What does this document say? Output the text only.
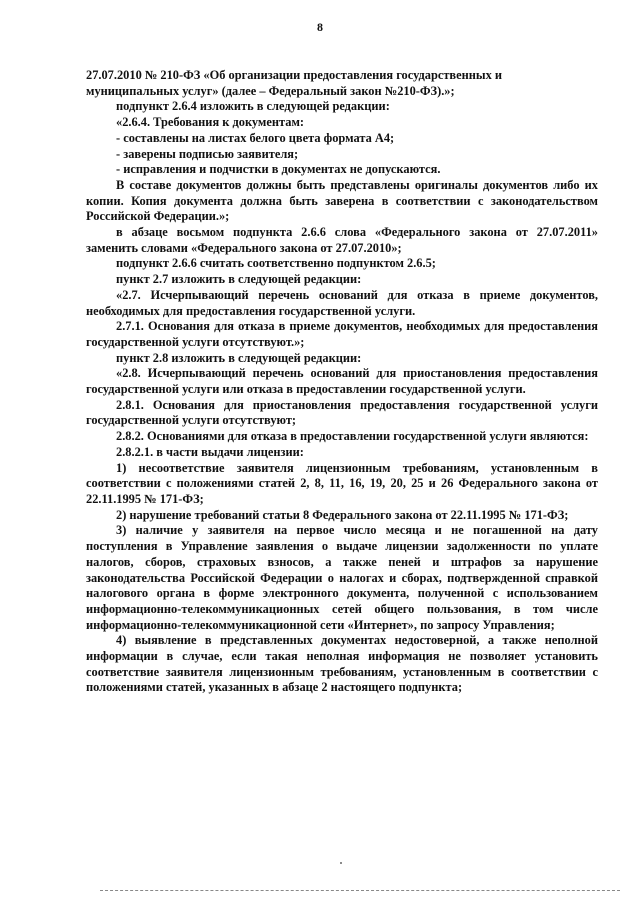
8

27.07.2010 № 210-ФЗ «Об организации предоставления государственных и муниципальных услуг» (далее – Федеральный закон №210-ФЗ).»;

подпункт 2.6.4 изложить в следующей редакции:

«2.6.4. Требования к документам:

- составлены на листах белого цвета формата А4;

- заверены подписью заявителя;

- исправления и подчистки в документах не допускаются.

В составе документов должны быть представлены оригиналы документов либо их копии. Копия документа должна быть заверена в соответствии с законодательством Российской Федерации.»;

в абзаце восьмом подпункта 2.6.6 слова «Федерального закона от 27.07.2011» заменить словами «Федерального закона от 27.07.2010»;

подпункт 2.6.6 считать соответственно подпунктом 2.6.5;

пункт 2.7 изложить в следующей редакции:

«2.7. Исчерпывающий перечень оснований для отказа в приеме документов, необходимых для предоставления государственной услуги.

2.7.1. Основания для отказа в приеме документов, необходимых для предоставления государственной услуги отсутствуют.»;

пункт 2.8 изложить в следующей редакции:

«2.8. Исчерпывающий перечень оснований для приостановления предоставления государственной услуги или отказа в предоставлении государственной услуги.

2.8.1. Основания для приостановления предоставления государственной услуги государственной услуги отсутствуют;

2.8.2. Основаниями для отказа в предоставлении государственной услуги являются:

2.8.2.1. в части выдачи лицензии:

1) несоответствие заявителя лицензионным требованиям, установленным в соответствии с положениями статей 2, 8, 11, 16, 19, 20, 25 и 26 Федерального закона от 22.11.1995 № 171-ФЗ;

2) нарушение требований статьи 8 Федерального закона от 22.11.1995 № 171-ФЗ;

3) наличие у заявителя на первое число месяца и не погашенной на дату поступления в Управление заявления о выдаче лицензии задолженности по уплате налогов, сборов, страховых взносов, а также пеней и штрафов за нарушение законодательства Российской Федерации о налогах и сборах, подтвержденной справкой налогового органа в форме электронного документа, полученной с использованием информационно-телекоммуникационных сетей общего пользования, в том числе информационно-телекоммуникационной сети «Интернет», по запросу Управления;

4) выявление в представленных документах недостоверной, а также неполной информации в случае, если такая неполная информация не позволяет установить соответствие заявителя лицензионным требованиям, установленным в соответствии с положениями статей, указанных в абзаце 2 настоящего подпункта;
